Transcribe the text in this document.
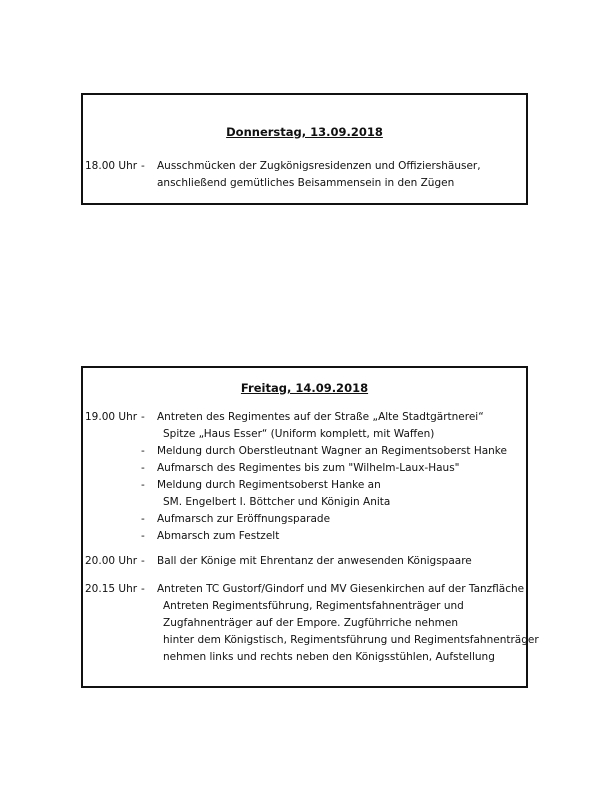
Donnerstag, 13.09.2018

18.00 Uhr - Ausschmücken der Zugkönigsresidenzen und Offiziershäuser,

anschließend gemütliches Beisammensein in den Zügen

Freitag, 14.09.2018

19.00 Uhr - Antreten des Regimentes auf der Straße „Alte Stadtgärtnerei“

Spitze „Haus Esser“ (Uniform komplett, mit Waffen)

- Meldung durch Oberstleutnant Wagner an Regimentsoberst Hanke

- Aufmarsch des Regimentes bis zum "Wilhelm-Laux-Haus"

- Meldung durch Regimentsoberst Hanke an

SM. Engelbert I. Böttcher und Königin Anita

- Aufmarsch zur Eröffnungsparade

- Abmarsch zum Festzelt

20.00 Uhr - Ball der Könige mit Ehrentanz der anwesenden Königspaare

20.15 Uhr - Antreten TC Gustorf/Gindorf und MV Giesenkirchen auf der Tanzfläche

Antreten Regimentsführung, Regimentsfahnenträger und

Zugfahnenträger auf der Empore. Zugführriche nehmen

hinter dem Königstisch, Regimentsführung und Regimentsfahnenträger

nehmen links und rechts neben den Königsstühlen, Aufstellung
